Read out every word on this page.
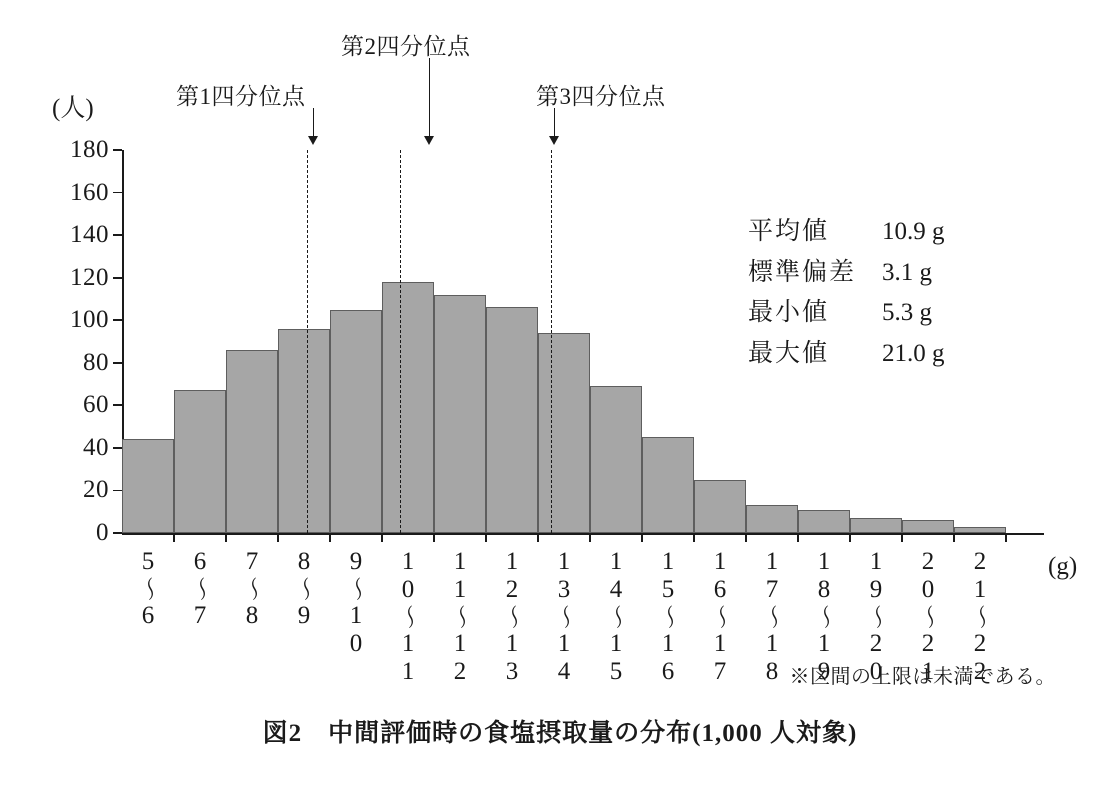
(人)	第1四分位点
第2四分位点
第3四分位点
0
20
40
60
80
100
120
140
160
180
(g)
平均値	10.9 g
標準偏差	3.1 g
最小値	5.3 g
最大値	21.0 g
※区間の上限は未満である。
図2　中間評価時の食塩摂取量の分布(1,000 人対象)
5〜6 6〜7 7〜8 8〜9 9〜10 10〜11 11〜12 12〜13 13〜14 14〜15 15〜16 16〜17 17〜18 18〜19 19〜20 20〜21 21〜22
